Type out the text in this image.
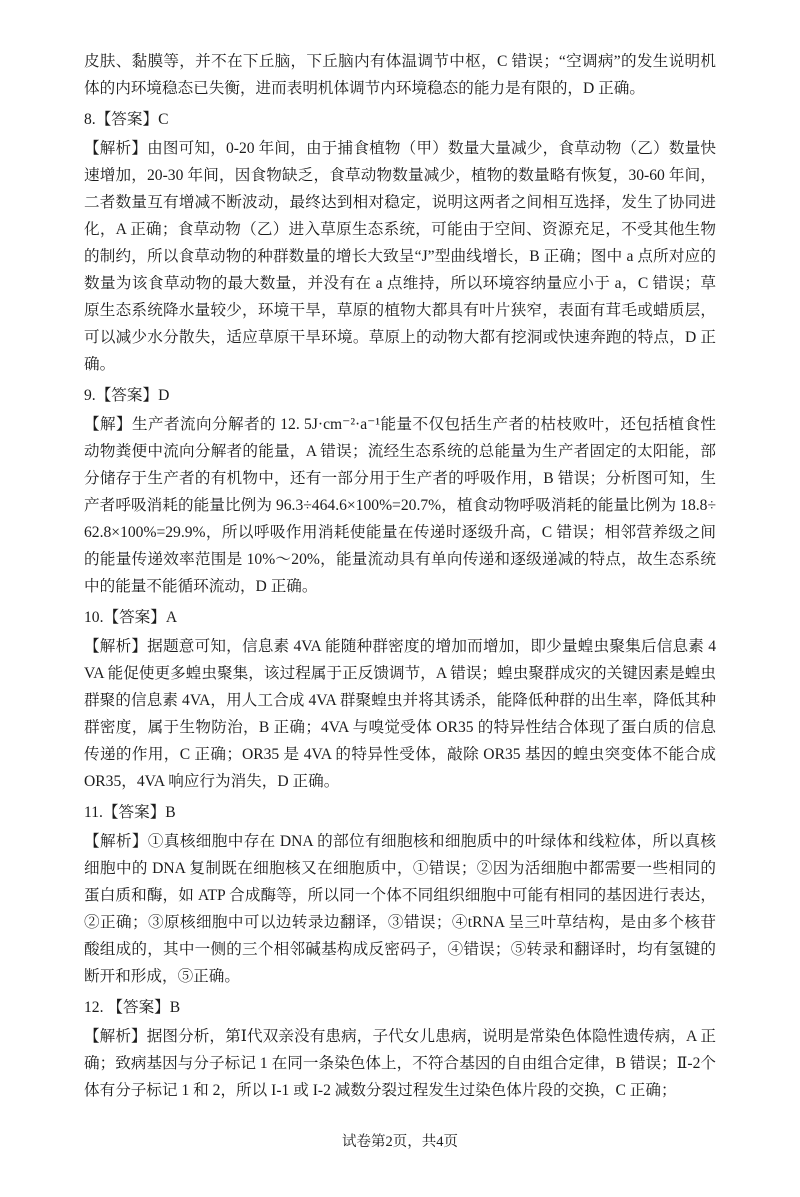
皮肤、黏膜等，并不在下丘脑，下丘脑内有体温调节中枢，C 错误；“空调病”的发生说明机体的内环境稳态已失衡，进而表明机体调节内环境稳态的能力是有限的，D 正确。

8.【答案】C

【解析】由图可知，0-20 年间，由于捕食植物（甲）数量大量减少，食草动物（乙）数量快速增加，20-30 年间，因食物缺乏，食草动物数量减少，植物的数量略有恢复，30-60 年间，二者数量互有增减不断波动，最终达到相对稳定，说明这两者之间相互选择，发生了协同进化，A 正确；食草动物（乙）进入草原生态系统，可能由于空间、资源充足，不受其他生物的制约，所以食草动物的种群数量的增长大致呈“J”型曲线增长，B 正确；图中 a 点所对应的数量为该食草动物的最大数量，并没有在 a 点维持，所以环境容纳量应小于 a，C 错误；草原生态系统降水量较少，环境干旱，草原的植物大都具有叶片狭窄，表面有茸毛或蜡质层，可以减少水分散失，适应草原干旱环境。草原上的动物大都有挖洞或快速奔跑的特点，D 正确。

9.【答案】D

【解】生产者流向分解者的 12. 5J·cm⁻²·a⁻¹能量不仅包括生产者的枯枝败叶，还包括植食性动物粪便中流向分解者的能量，A 错误；流经生态系统的总能量为生产者固定的太阳能，部分储存于生产者的有机物中，还有一部分用于生产者的呼吸作用，B 错误；分析图可知，生产者呼吸消耗的能量比例为 96.3÷464.6×100%=20.7%，植食动物呼吸消耗的能量比例为 18.8÷62.8×100%=29.9%，所以呼吸作用消耗使能量在传递时逐级升高，C 错误；相邻营养级之间的能量传递效率范围是 10%～20%，能量流动具有单向传递和逐级递减的特点，故生态系统中的能量不能循环流动，D 正确。

10.【答案】A

【解析】据题意可知，信息素 4VA 能随种群密度的增加而增加，即少量蝗虫聚集后信息素 4VA 能促使更多蝗虫聚集，该过程属于正反馈调节，A 错误；蝗虫聚群成灾的关键因素是蝗虫群聚的信息素 4VA，用人工合成 4VA 群聚蝗虫并将其诱杀，能降低种群的出生率，降低其种群密度，属于生物防治，B 正确；4VA 与嗅觉受体 OR35 的特异性结合体现了蛋白质的信息传递的作用，C 正确；OR35 是 4VA 的特异性受体，敲除 OR35 基因的蝗虫突变体不能合成 OR35，4VA 响应行为消失，D 正确。

11.【答案】B

【解析】①真核细胞中存在 DNA 的部位有细胞核和细胞质中的叶绿体和线粒体，所以真核细胞中的 DNA 复制既在细胞核又在细胞质中，①错误；②因为活细胞中都需要一些相同的蛋白质和酶，如 ATP 合成酶等，所以同一个体不同组织细胞中可能有相同的基因进行表达，②正确；③原核细胞中可以边转录边翻译，③错误；④tRNA 呈三叶草结构，是由多个核苷酸组成的，其中一侧的三个相邻碱基构成反密码子，④错误；⑤转录和翻译时，均有氢键的断开和形成，⑤正确。

12. 【答案】B

【解析】据图分析，第Ⅰ代双亲没有患病，子代女儿患病，说明是常染色体隐性遗传病，A 正确；致病基因与分子标记 1 在同一条染色体上，不符合基因的自由组合定律，B 错误；Ⅱ-2个体有分子标记 1 和 2，所以 I-1 或 I-2 减数分裂过程发生过染色体片段的交换，C 正确；

试卷第2页，共4页
